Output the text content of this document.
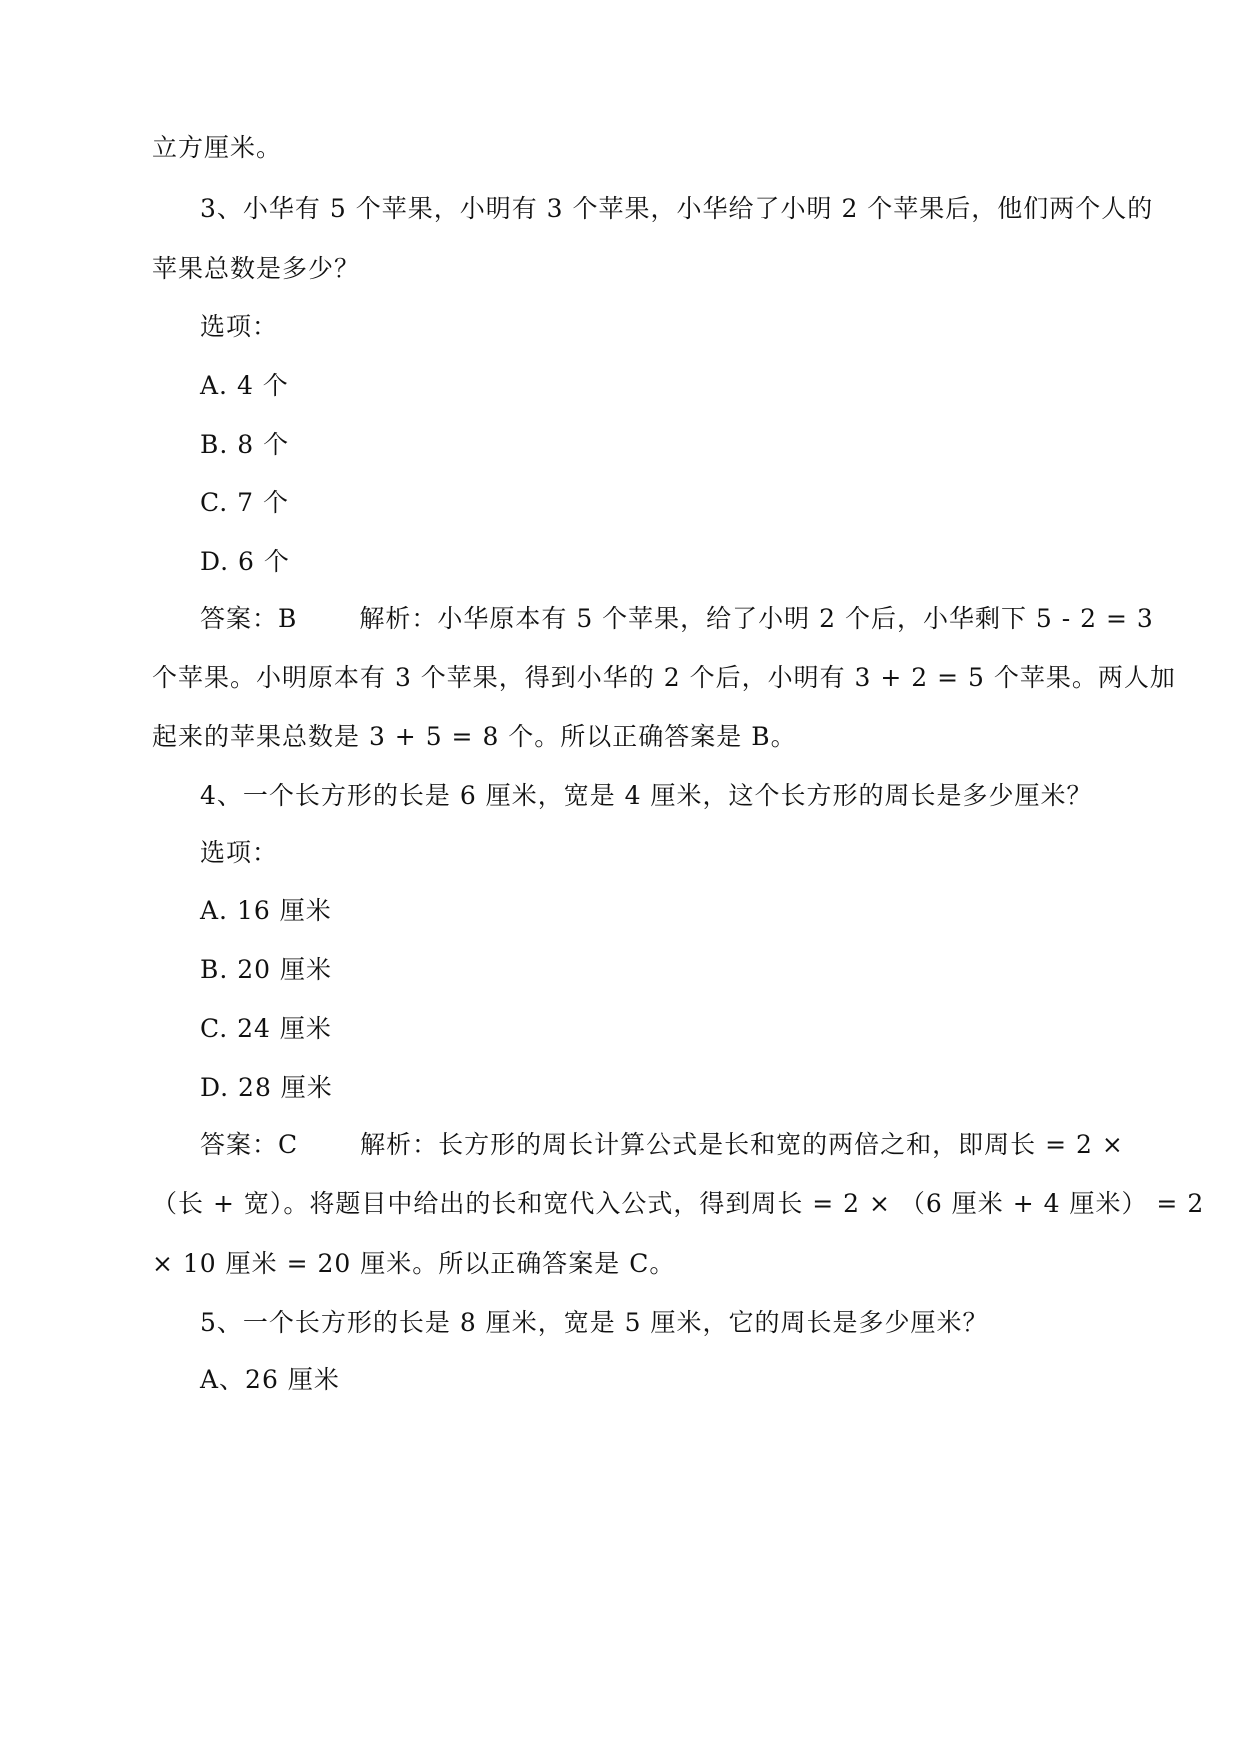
立方厘米。
3、小华有 5 个苹果，小明有 3 个苹果，小华给了小明 2 个苹果后，他们两个人的
苹果总数是多少？
选项：
A. 4 个
B. 8 个
C. 7 个
D. 6 个
答案：B 解析：小华原本有 5 个苹果，给了小明 2 个后，小华剩下 5 - 2 = 3
个苹果。小明原本有 3 个苹果，得到小华的 2 个后，小明有 3 + 2 = 5 个苹果。两人加
起来的苹果总数是 3 + 5 = 8 个。所以正确答案是 B。
4、一个长方形的长是 6 厘米，宽是 4 厘米，这个长方形的周长是多少厘米？
选项：
A. 16 厘米
B. 20 厘米
C. 24 厘米
D. 28 厘米
答案：C 解析：长方形的周长计算公式是长和宽的两倍之和，即周长 = 2 ×
（长 + 宽）。将题目中给出的长和宽代入公式，得到周长 = 2 × （6 厘米 + 4 厘米） = 2
× 10 厘米 = 20 厘米。所以正确答案是 C。
5、一个长方形的长是 8 厘米，宽是 5 厘米，它的周长是多少厘米？
A、26 厘米
